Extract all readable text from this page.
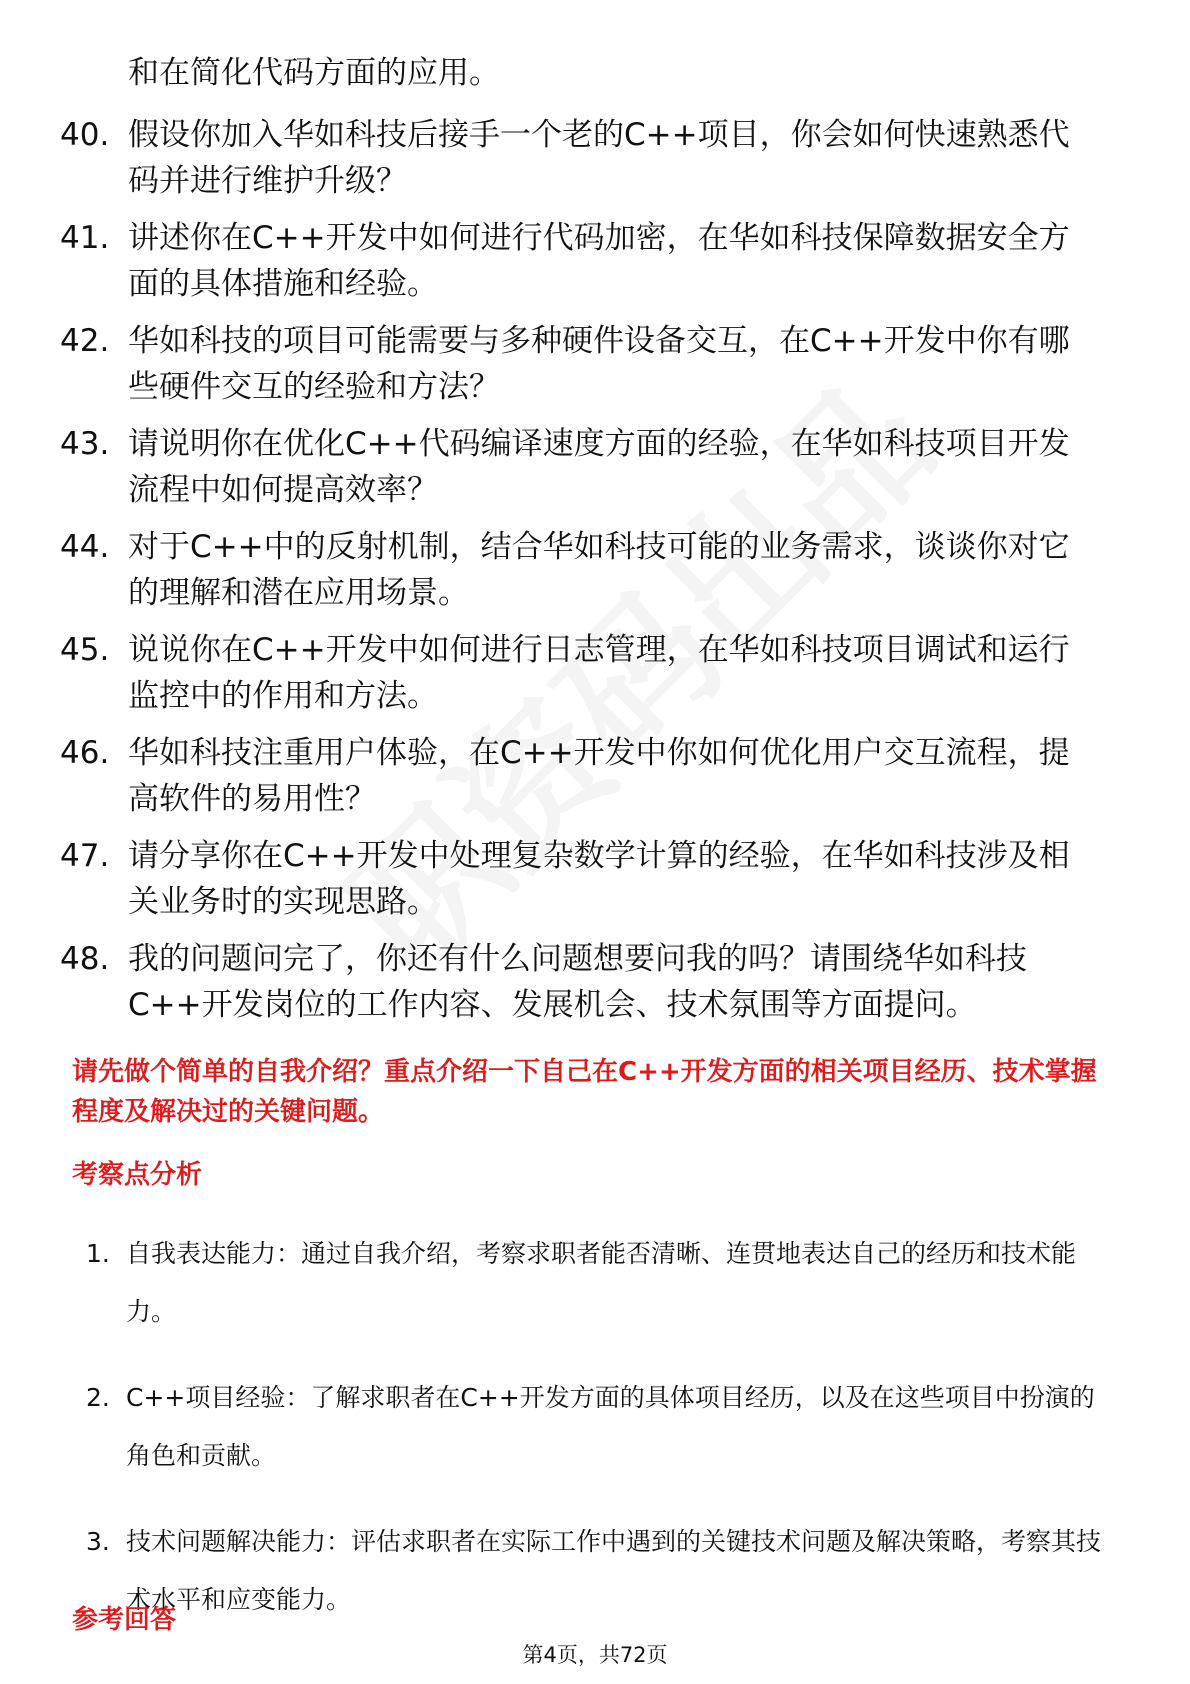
和在简化代码方面的应用。

40. 假设你加入华如科技后接手一个老的C++项目，你会如何快速熟悉代码并进行维护升级？
41. 讲述你在C++开发中如何进行代码加密，在华如科技保障数据安全方面的具体措施和经验。
42. 华如科技的项目可能需要与多种硬件设备交互，在C++开发中你有哪些硬件交互的经验和方法？
43. 请说明你在优化C++代码编译速度方面的经验，在华如科技项目开发流程中如何提高效率？
44. 对于C++中的反射机制，结合华如科技可能的业务需求，谈谈你对它的理解和潜在应用场景。
45. 说说你在C++开发中如何进行日志管理，在华如科技项目调试和运行监控中的作用和方法。
46. 华如科技注重用户体验，在C++开发中你如何优化用户交互流程，提高软件的易用性？
47. 请分享你在C++开发中处理复杂数学计算的经验，在华如科技涉及相关业务时的实现思路。
48. 我的问题问完了，你还有什么问题想要问我的吗？请围绕华如科技C++开发岗位的工作内容、发展机会、技术氛围等方面提问。

请先做个简单的自我介绍？重点介绍一下自己在C++开发方面的相关项目经历、技术掌握程度及解决过的关键问题。

考察点分析

1. 自我表达能力：通过自我介绍，考察求职者能否清晰、连贯地表达自己的经历和技术能力。
2. C++项目经验：了解求职者在C++开发方面的具体项目经历，以及在这些项目中扮演的角色和贡献。
3. 技术问题解决能力：评估求职者在实际工作中遇到的关键技术问题及解决策略，考察其技术水平和应变能力。

参考回答

第4页，共72页
